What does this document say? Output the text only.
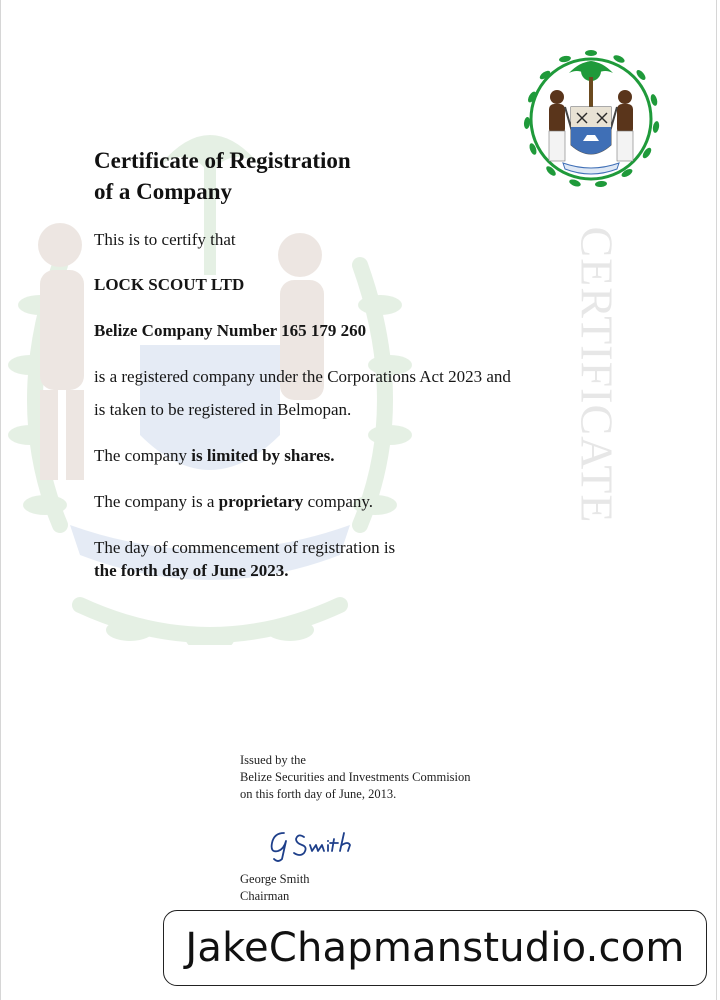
CERTIFICATE
Certificate of Registration
of a Company

This is to certify that

LOCK SCOUT LTD

Belize Company Number 165 179 260

is a registered company under the Corporations Act 2023 and

is taken to be registered in Belmopan.

The company is limited by shares.

The company is a proprietary company.

The day of commencement of registration is

the forth day of June 2023.

Issued by the
Belize Securities and Investments Commision
on this forth day of June, 2013.
George Smith
Chairman
JakeChapmanstudio.com
